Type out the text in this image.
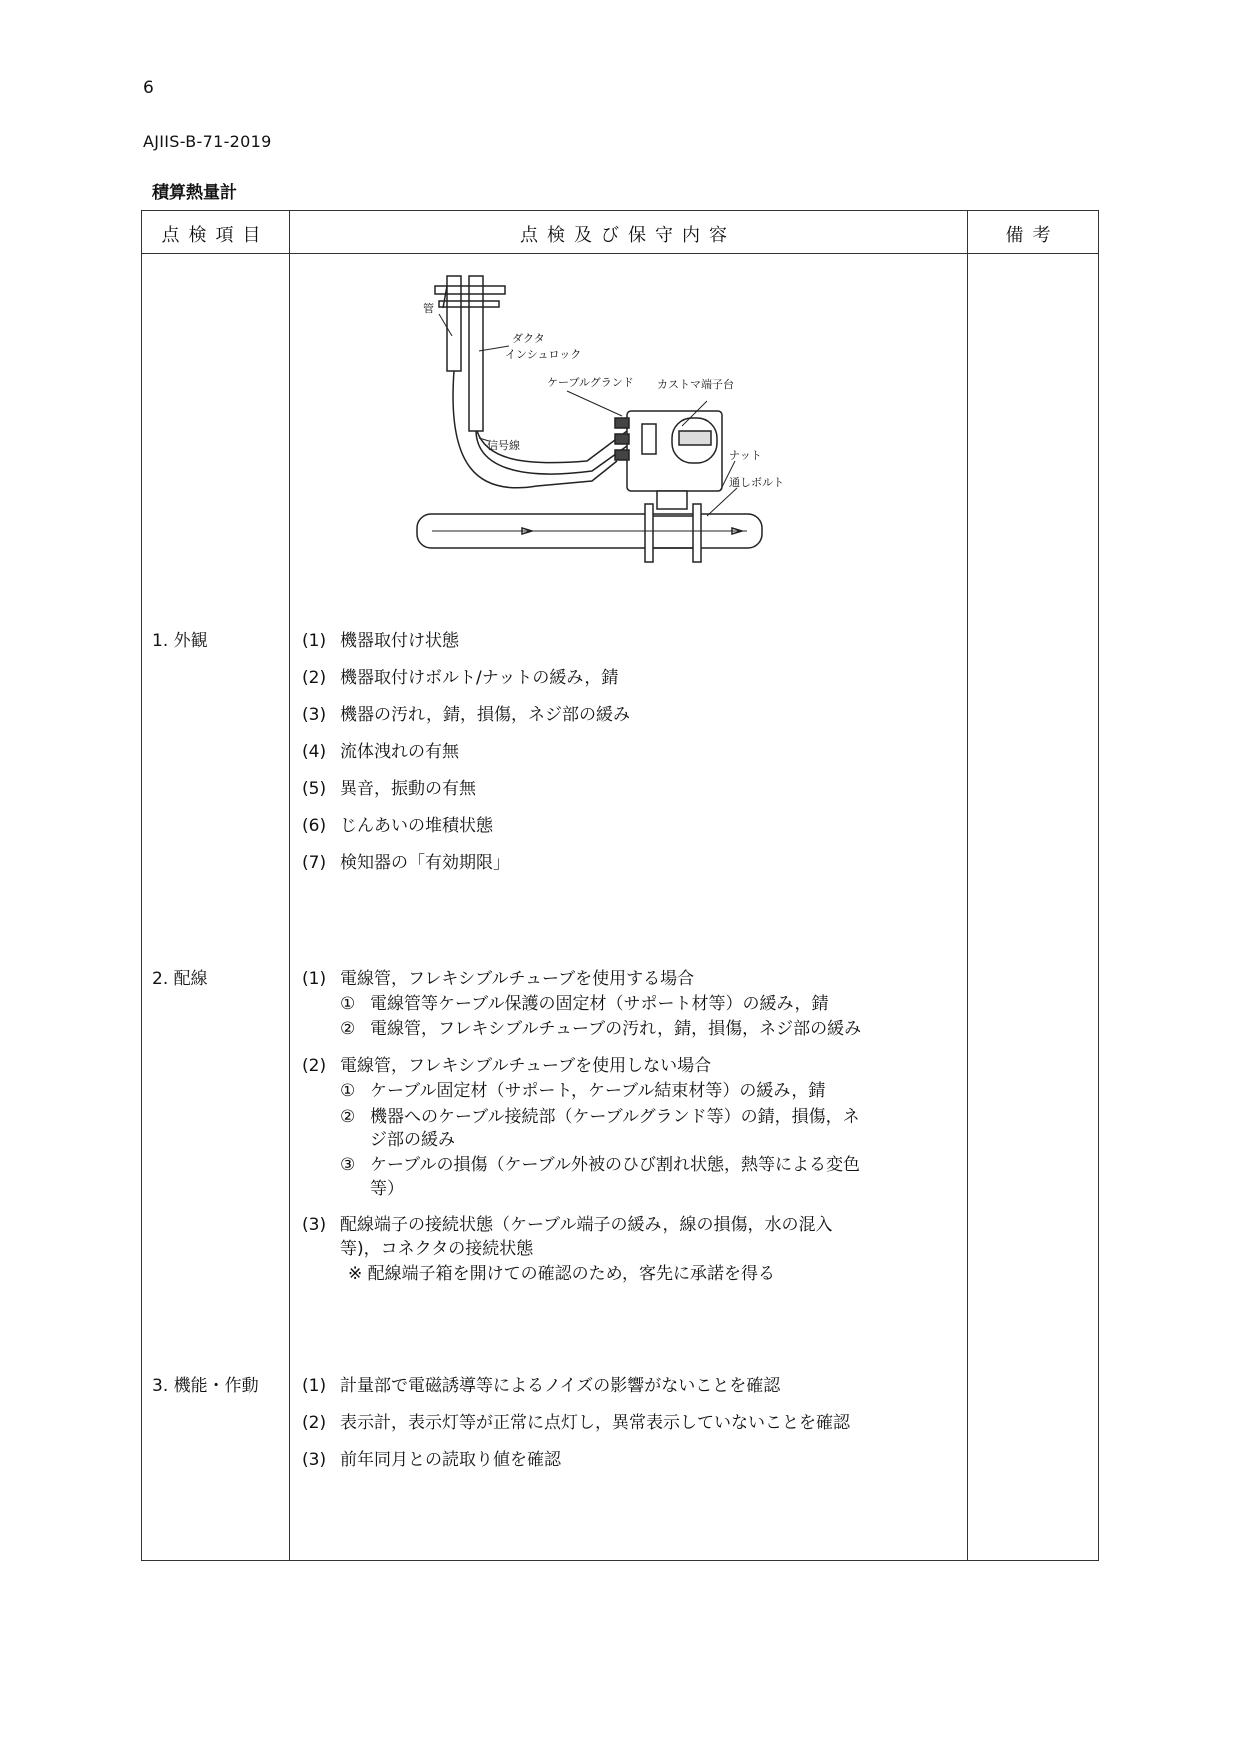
6
AJIIS-B-71-2019
積算熱量計
点検項目	点検及び保守内容	備考
管
ダクタ
インシュロック
ケーブルグランド カストマ端子台
信号線
ナット
通しボルト
1. 外観	(1) 機器取付け状態
(2) 機器取付けボルト/ナットの緩み，錆
(3) 機器の汚れ，錆，損傷，ネジ部の緩み
(4) 流体洩れの有無
(5) 異音，振動の有無
(6) じんあいの堆積状態
(7) 検知器の「有効期限」
2. 配線	(1) 電線管，フレキシブルチューブを使用する場合
① 電線管等ケーブル保護の固定材（サポート材等）の緩み，錆
② 電線管，フレキシブルチューブの汚れ，錆，損傷，ネジ部の緩み
(2) 電線管，フレキシブルチューブを使用しない場合
① ケーブル固定材（サポート，ケーブル結束材等）の緩み，錆
② 機器へのケーブル接続部（ケーブルグランド等）の錆，損傷，ネ
ジ部の緩み
③ ケーブルの損傷（ケーブル外被のひび割れ状態，熱等による変色
等）
(3) 配線端子の接続状態（ケーブル端子の緩み，線の損傷，水の混入
等)，コネクタの接続状態
※ 配線端子箱を開けての確認のため，客先に承諾を得る
3. 機能・作動	(1) 計量部で電磁誘導等によるノイズの影響がないことを確認
(2) 表示計，表示灯等が正常に点灯し，異常表示していないことを確認
(3) 前年同月との読取り値を確認
